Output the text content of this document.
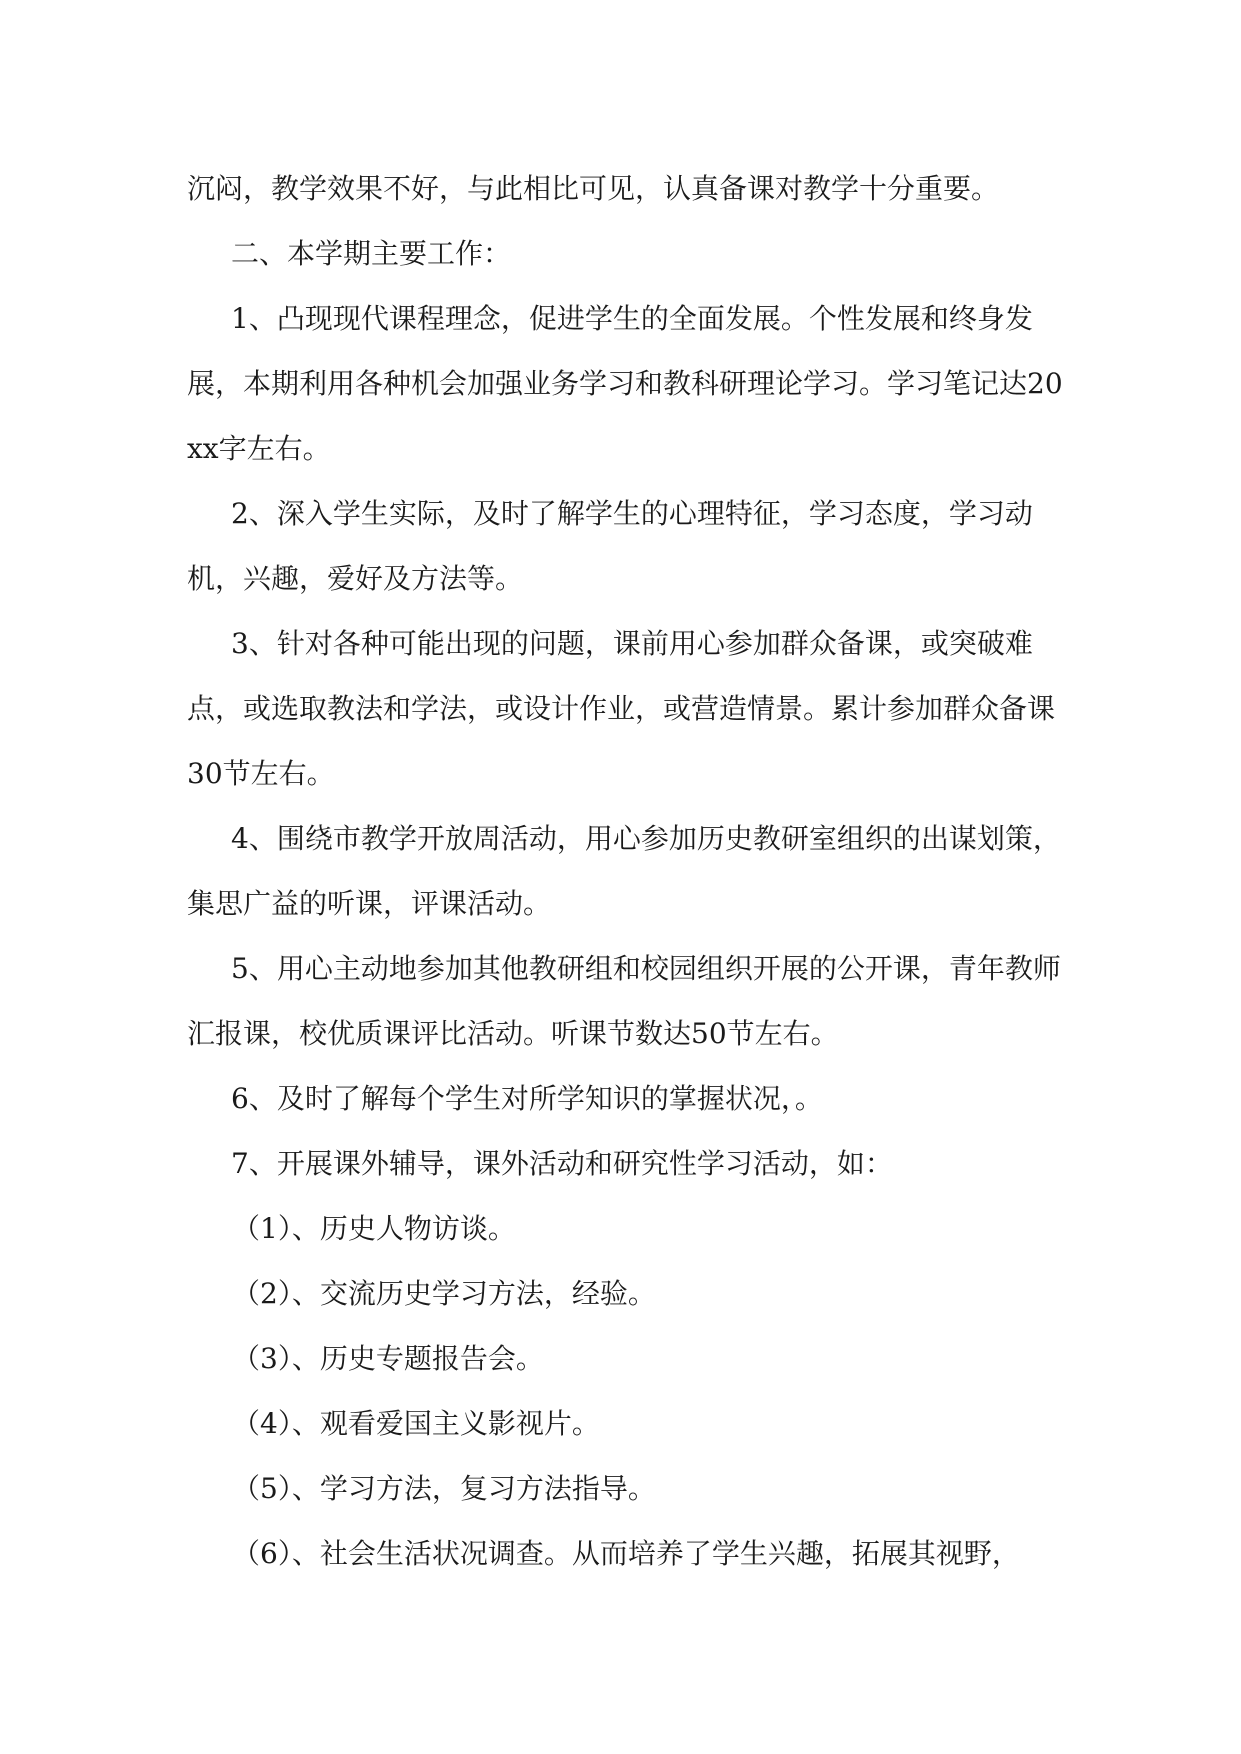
沉闷，教学效果不好，与此相比可见，认真备课对教学十分重要。

二、本学期主要工作：

1、凸现现代课程理念，促进学生的全面发展。个性发展和终身发展，本期利用各种机会加强业务学习和教科研理论学习。学习笔记达20xx字左右。

2、深入学生实际，及时了解学生的心理特征，学习态度，学习动机，兴趣，爱好及方法等。

3、针对各种可能出现的问题，课前用心参加群众备课，或突破难点，或选取教法和学法，或设计作业，或营造情景。累计参加群众备课30节左右。

4、围绕市教学开放周活动，用心参加历史教研室组织的出谋划策，集思广益的听课，评课活动。

5、用心主动地参加其他教研组和校园组织开展的公开课，青年教师汇报课，校优质课评比活动。听课节数达50节左右。

6、及时了解每个学生对所学知识的掌握状况，。

7、开展课外辅导，课外活动和研究性学习活动，如：

（1）、历史人物访谈。

（2）、交流历史学习方法，经验。

（3）、历史专题报告会。

（4）、观看爱国主义影视片。

（5）、学习方法，复习方法指导。

（6）、社会生活状况调查。从而培养了学生兴趣，拓展其视野，
